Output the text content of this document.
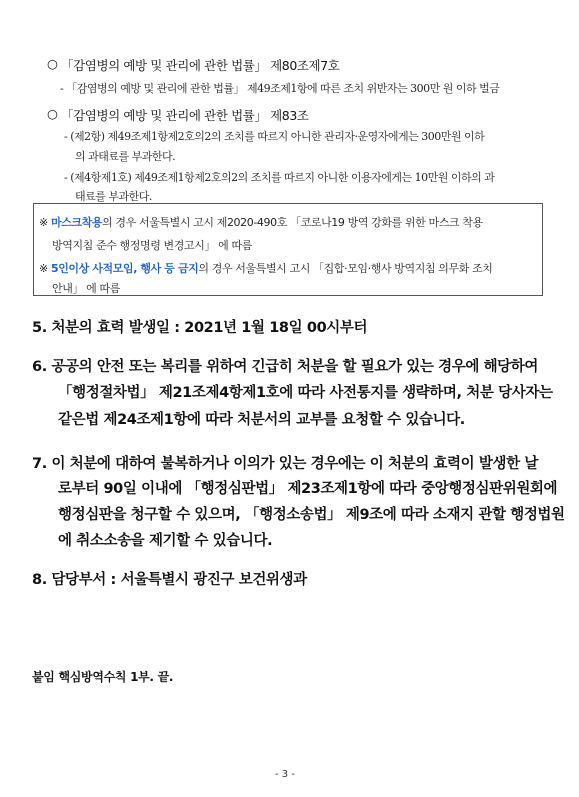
○ 「감염병의 예방 및 관리에 관한 법률」 제80조제7호
- 「감염병의 예방 및 관리에 관한 법률」 제49조제1항에 따른 조치 위반자는 300만 원 이하 벌금
○ 「감염병의 예방 및 관리에 관한 법률」 제83조
- (제2항) 제49조제1항제2호의2의 조치를 따르지 아니한 관리자·운영자에게는 300만원 이하
의 과태료를 부과한다.
- (제4항제1호) 제49조제1항제2호의2의 조치를 따르지 아니한 이용자에게는 10만원 이하의 과
태료를 부과한다.
※ 마스크착용의 경우 서울특별시 고시 제2020-490호 「코로나19 방역 강화를 위한 마스크 착용
방역지침 준수 행정명령 변경고시」 에 따름
※ 5인이상 사적모임, 행사 등 금지의 경우 서울특별시 고시 「집합·모임·행사 방역지침 의무화 조치
안내」 에 따름
5. 처분의 효력 발생일 : 2021년 1월 18일 00시부터
6. 공공의 안전 또는 복리를 위하여 긴급히 처분을 할 필요가 있는 경우에 해당하여
「행정절차법」 제21조제4항제1호에 따라 사전통지를 생략하며, 처분 당사자는
같은법 제24조제1항에 따라 처분서의 교부를 요청할 수 있습니다.
7. 이 처분에 대하여 불복하거나 이의가 있는 경우에는 이 처분의 효력이 발생한 날
로부터 90일 이내에 「행정심판법」 제23조제1항에 따라 중앙행정심판위원회에
행정심판을 청구할 수 있으며, 「행정소송법」 제9조에 따라 소재지 관할 행정법원
에 취소소송을 제기할 수 있습니다.
8. 담당부서 : 서울특별시 광진구 보건위생과
붙임 핵심방역수칙 1부. 끝.
- 3 -
